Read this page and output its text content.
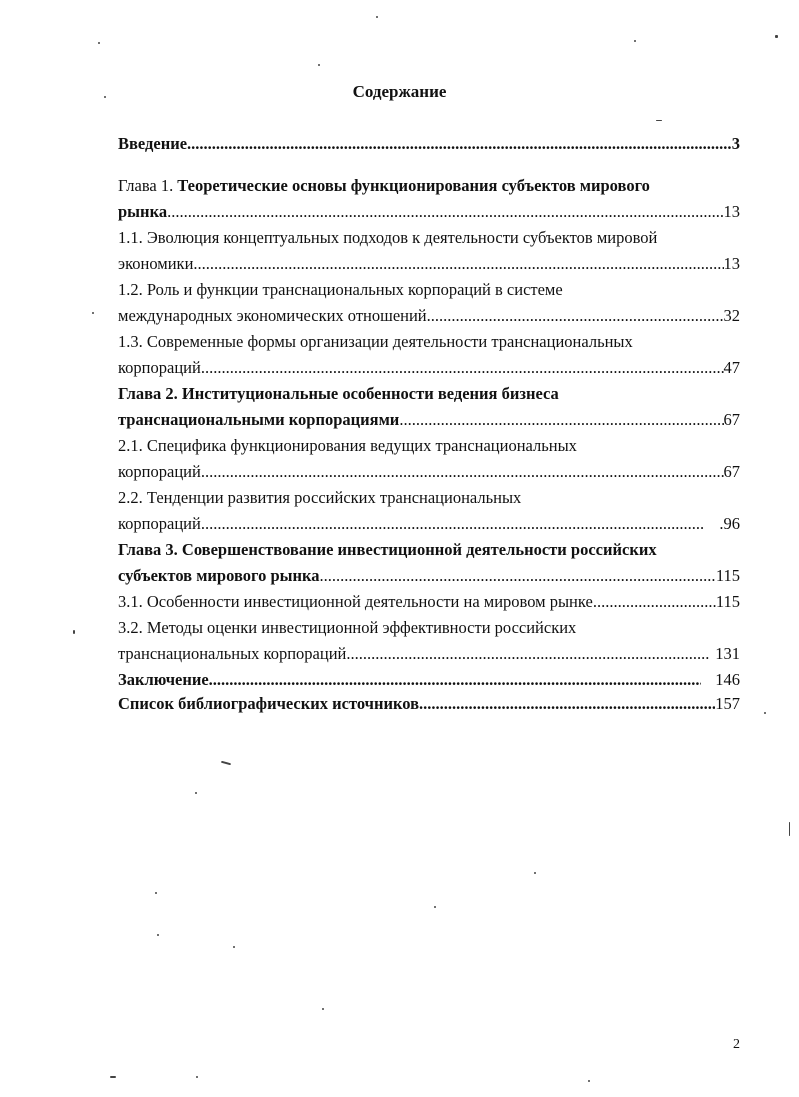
Содержание
Введение .....	3
Глава 1. Теоретические основы функционирования субъектов мирового
рынка .....	13
1.1. Эволюция концептуальных подходов к деятельности субъектов мировой
экономики .....	13
1.2. Роль и функции транснациональных корпораций в системе
международных экономических отношений .....	32
1.3. Современные формы организации деятельности транснациональных
корпораций .....	47
Глава 2. Институциональные особенности ведения бизнеса
транснациональными корпорациями .....	67
2.1. Специфика функционирования ведущих транснациональных
корпораций .....	67
2.2. Тенденции развития российских транснациональных
корпораций .....	.96
Глава 3. Совершенствование инвестиционной деятельности российских
субъектов мирового рынка .....	115
3.1. Особенности инвестиционной деятельности на мировом рынке .....	115
3.2. Методы оценки инвестиционной эффективности российских
транснациональных корпораций .....	131
Заключение .....	146
Список библиографических источников .....	157
2
